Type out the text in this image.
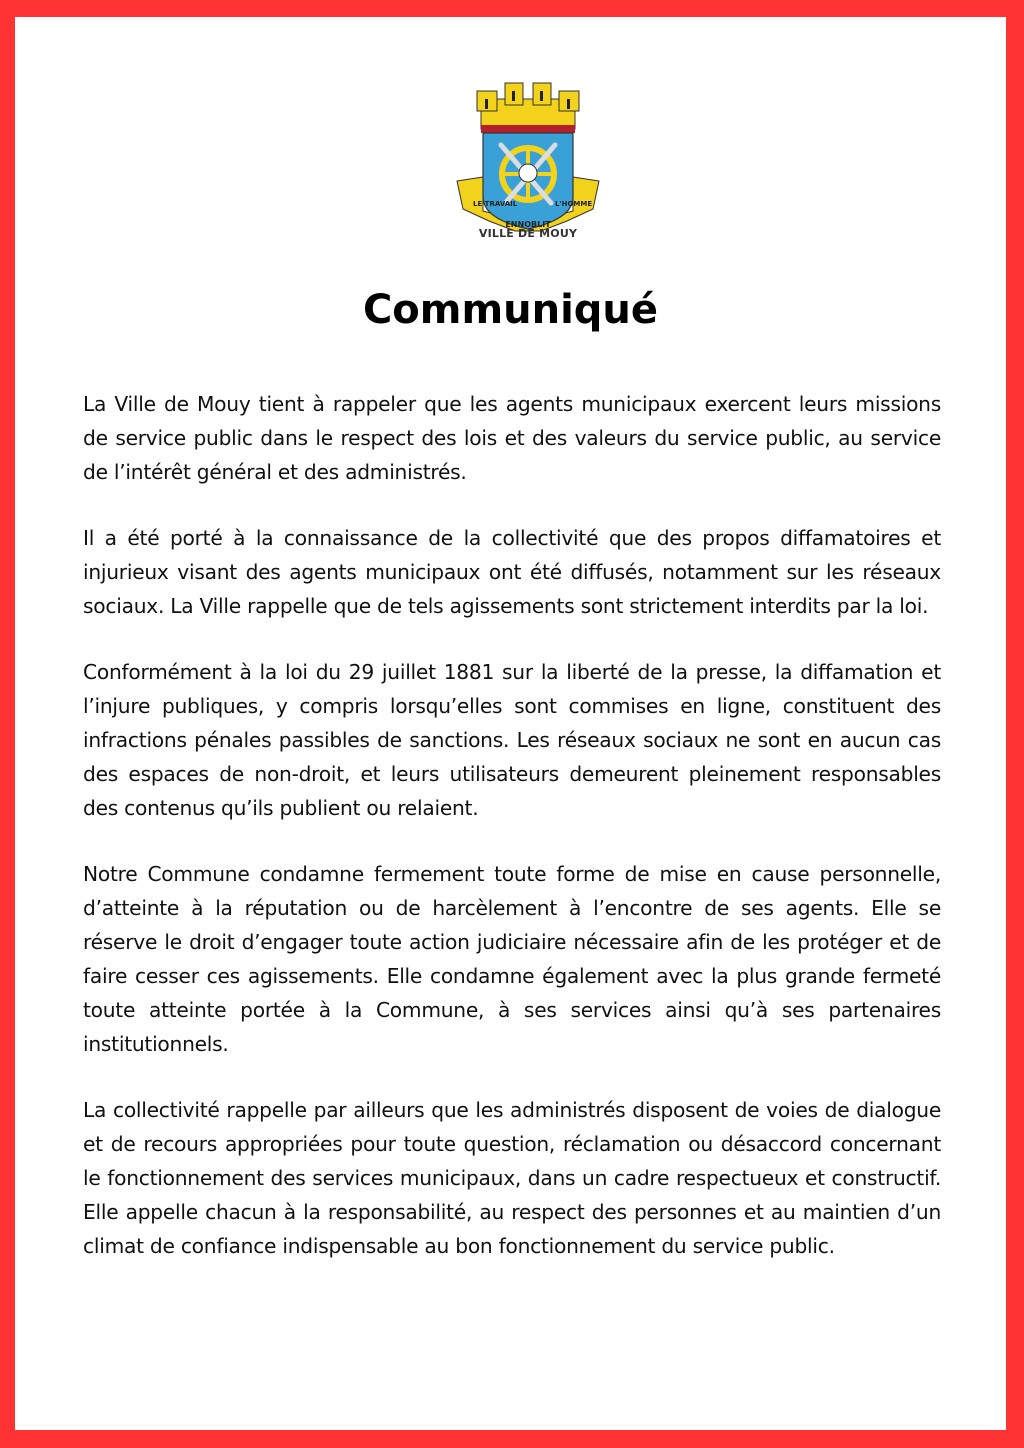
LE TRAVAIL	L'HOMME
ENNOBLIT
VILLE DE MOUY
Communiqué

La Ville de Mouy tient à rappeler que les agents municipaux exercent leurs missions de service public dans le respect des lois et des valeurs du service public, au service de l’intérêt général et des administrés.

Il a été porté à la connaissance de la collectivité que des propos diffamatoires et injurieux visant des agents municipaux ont été diffusés, notamment sur les réseaux sociaux. La Ville rappelle que de tels agissements sont strictement interdits par la loi.

Conformément à la loi du 29 juillet 1881 sur la liberté de la presse, la diffamation et l’injure publiques, y compris lorsqu’elles sont commises en ligne, constituent des infractions pénales passibles de sanctions. Les réseaux sociaux ne sont en aucun cas des espaces de non-droit, et leurs utilisateurs demeurent pleinement responsables des contenus qu’ils publient ou relaient.

Notre Commune condamne fermement toute forme de mise en cause personnelle, d’atteinte à la réputation ou de harcèlement à l’encontre de ses agents. Elle se réserve le droit d’engager toute action judiciaire nécessaire afin de les protéger et de faire cesser ces agissements. Elle condamne également avec la plus grande fermeté toute atteinte portée à la Commune, à ses services ainsi qu’à ses partenaires institutionnels.

La collectivité rappelle par ailleurs que les administrés disposent de voies de dialogue et de recours appropriées pour toute question, réclamation ou désaccord concernant le fonctionnement des services municipaux, dans un cadre respectueux et constructif. Elle appelle chacun à la responsabilité, au respect des personnes et au maintien d’un climat de confiance indispensable au bon fonctionnement du service public.
